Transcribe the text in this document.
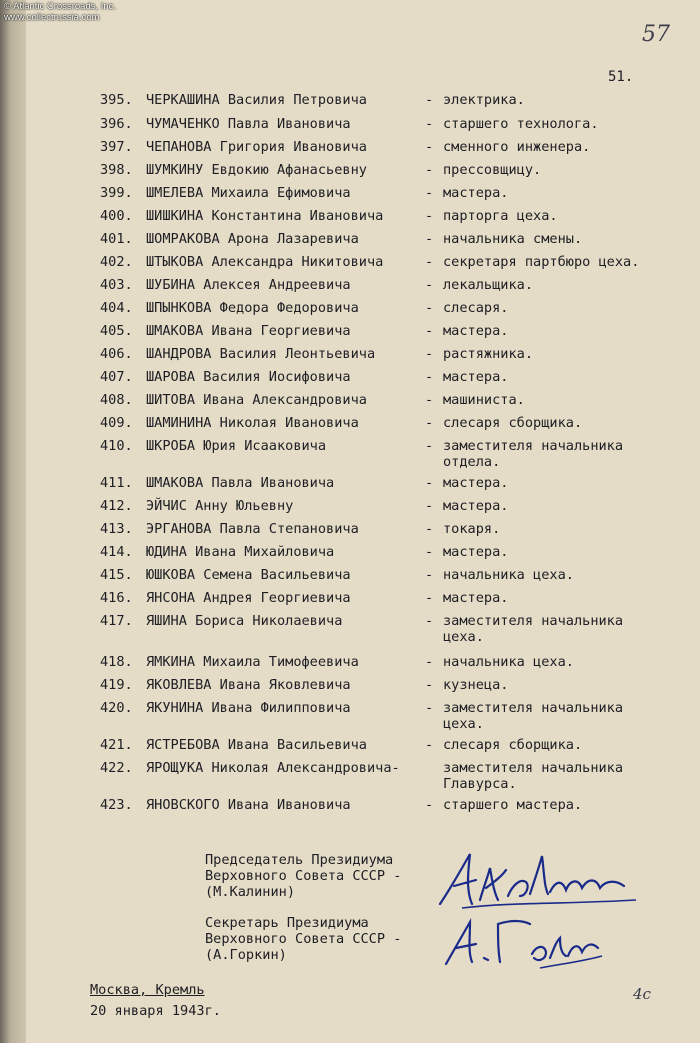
© Atlantic Crossroads, Inc.
www.collectrussia.com
57
51.
395. ЧЕРКАШИНА Василия Петровича	- электрика.
396. ЧУМАЧЕНКО Павла Ивановича	- старшего технолога.
397. ЧЕПАНОВА Григория Ивановича	- сменного инженера.
398. ШУМКИНУ Евдокию Афанасьевну	- прессовщицу.
399. ШМЕЛЕВА Михаила Ефимовича	- мастера.
400. ШИШКИНА Константина Ивановича	- парторга цеха.
401. ШОМРАКОВА Арона Лазаревича	- начальника смены.
402. ШТЫКОВА Александра Никитовича	- секретаря партбюро цеха.
403. ШУБИНА Алексея Андреевича	- лекальщика.
404. ШПЫНКОВА Федора Федоровича	- слесаря.
405. ШМАКОВА Ивана Георгиевича	- мастера.
406. ШАНДРОВА Василия Леонтьевича	- растяжника.
407. ШАРОВА Василия Иосифовича	- мастера.
408. ШИТОВА Ивана Александровича	- машиниста.
409. ШАМИНИНА Николая Ивановича	- слесаря сборщика.
410. ШКРОБА Юрия Исааковича	- заместителя начальника
отдела.
411. ШМАКОВА Павла Ивановича	- мастера.
412. ЭЙЧИС Анну Юльевну	- мастера.
413. ЭРГАНОВА Павла Степановича	- токаря.
414. ЮДИНА Ивана Михайловича	- мастера.
415. ЮШКОВА Семена Васильевича	- начальника цеха.
416. ЯНСОНА Андрея Георгиевича	- мастера.
417. ЯШИНА Бориса Николаевича	- заместителя начальника
цеха.
418. ЯМКИНА Михаила Тимофеевича	- начальника цеха.
419. ЯКОВЛЕВА Ивана Яковлевича	- кузнеца.
420. ЯКУНИНА Ивана Филипповича	- заместителя начальника
цеха.
421. ЯСТРЕБОВА Ивана Васильевича	- слесаря сборщика.
422. ЯРОЩУКА Николая Александровича-	заместителя начальника
Главурса.
423. ЯНОВСКОГО Ивана Ивановича	- старшего мастера.
Председатель Президиума
Верховного Совета СССР -
(М.Калинин)
Секретарь Президиума
Верховного Совета СССР -
(А.Горкин)
Москва, Кремль
20 января 1943г.
4с
